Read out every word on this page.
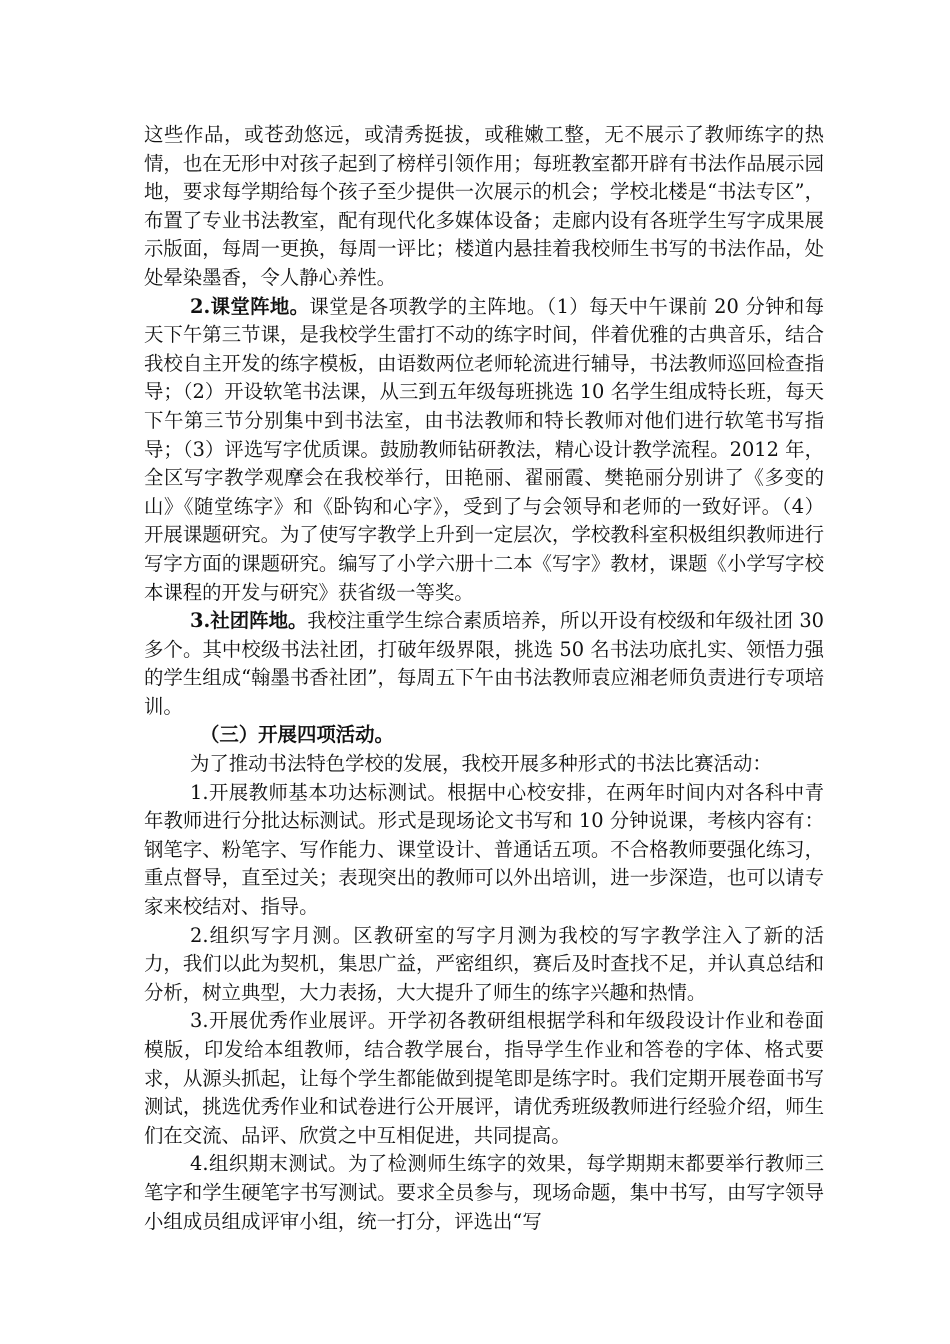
这些作品，或苍劲悠远，或清秀挺拔，或稚嫩工整，无不展示了教师练字的热情，也在无形中对孩子起到了榜样引领作用；每班教室都开辟有书法作品展示园地，要求每学期给每个孩子至少提供一次展示的机会；学校北楼是“书法专区”，布置了专业书法教室，配有现代化多媒体设备；走廊内设有各班学生写字成果展示版面，每周一更换，每周一评比；楼道内悬挂着我校师生书写的书法作品，处处晕染墨香，令人静心养性。

2.课堂阵地。课堂是各项教学的主阵地。（1）每天中午课前 20 分钟和每天下午第三节课，是我校学生雷打不动的练字时间，伴着优雅的古典音乐，结合我校自主开发的练字模板，由语数两位老师轮流进行辅导，书法教师巡回检查指导；（2）开设软笔书法课，从三到五年级每班挑选 10 名学生组成特长班，每天下午第三节分别集中到书法室，由书法教师和特长教师对他们进行软笔书写指导；（3）评选写字优质课。鼓励教师钻研教法，精心设计教学流程。2012 年，全区写字教学观摩会在我校举行，田艳丽、翟丽霞、樊艳丽分别讲了《多变的山》《随堂练字》和《卧钩和心字》，受到了与会领导和老师的一致好评。（4）开展课题研究。为了使写字教学上升到一定层次，学校教科室积极组织教师进行写字方面的课题研究。编写了小学六册十二本《写字》教材，课题《小学写字校本课程的开发与研究》获省级一等奖。

3.社团阵地。我校注重学生综合素质培养，所以开设有校级和年级社团 30 多个。其中校级书法社团，打破年级界限，挑选 50 名书法功底扎实、领悟力强的学生组成“翰墨书香社团”，每周五下午由书法教师袁应湘老师负责进行专项培训。

（三）开展四项活动。

为了推动书法特色学校的发展，我校开展多种形式的书法比赛活动：

1.开展教师基本功达标测试。根据中心校安排，在两年时间内对各科中青年教师进行分批达标测试。形式是现场论文书写和 10 分钟说课，考核内容有：钢笔字、粉笔字、写作能力、课堂设计、普通话五项。不合格教师要强化练习，重点督导，直至过关；表现突出的教师可以外出培训，进一步深造，也可以请专家来校结对、指导。

2.组织写字月测。区教研室的写字月测为我校的写字教学注入了新的活力，我们以此为契机，集思广益，严密组织，赛后及时查找不足，并认真总结和分析，树立典型，大力表扬，大大提升了师生的练字兴趣和热情。

3.开展优秀作业展评。开学初各教研组根据学科和年级段设计作业和卷面模版，印发给本组教师，结合教学展台，指导学生作业和答卷的字体、格式要求，从源头抓起，让每个学生都能做到提笔即是练字时。我们定期开展卷面书写测试，挑选优秀作业和试卷进行公开展评，请优秀班级教师进行经验介绍，师生们在交流、品评、欣赏之中互相促进，共同提高。

4.组织期末测试。为了检测师生练字的效果，每学期期末都要举行教师三笔字和学生硬笔字书写测试。要求全员参与，现场命题，集中书写，由写字领导小组成员组成评审小组，统一打分，评选出“写
